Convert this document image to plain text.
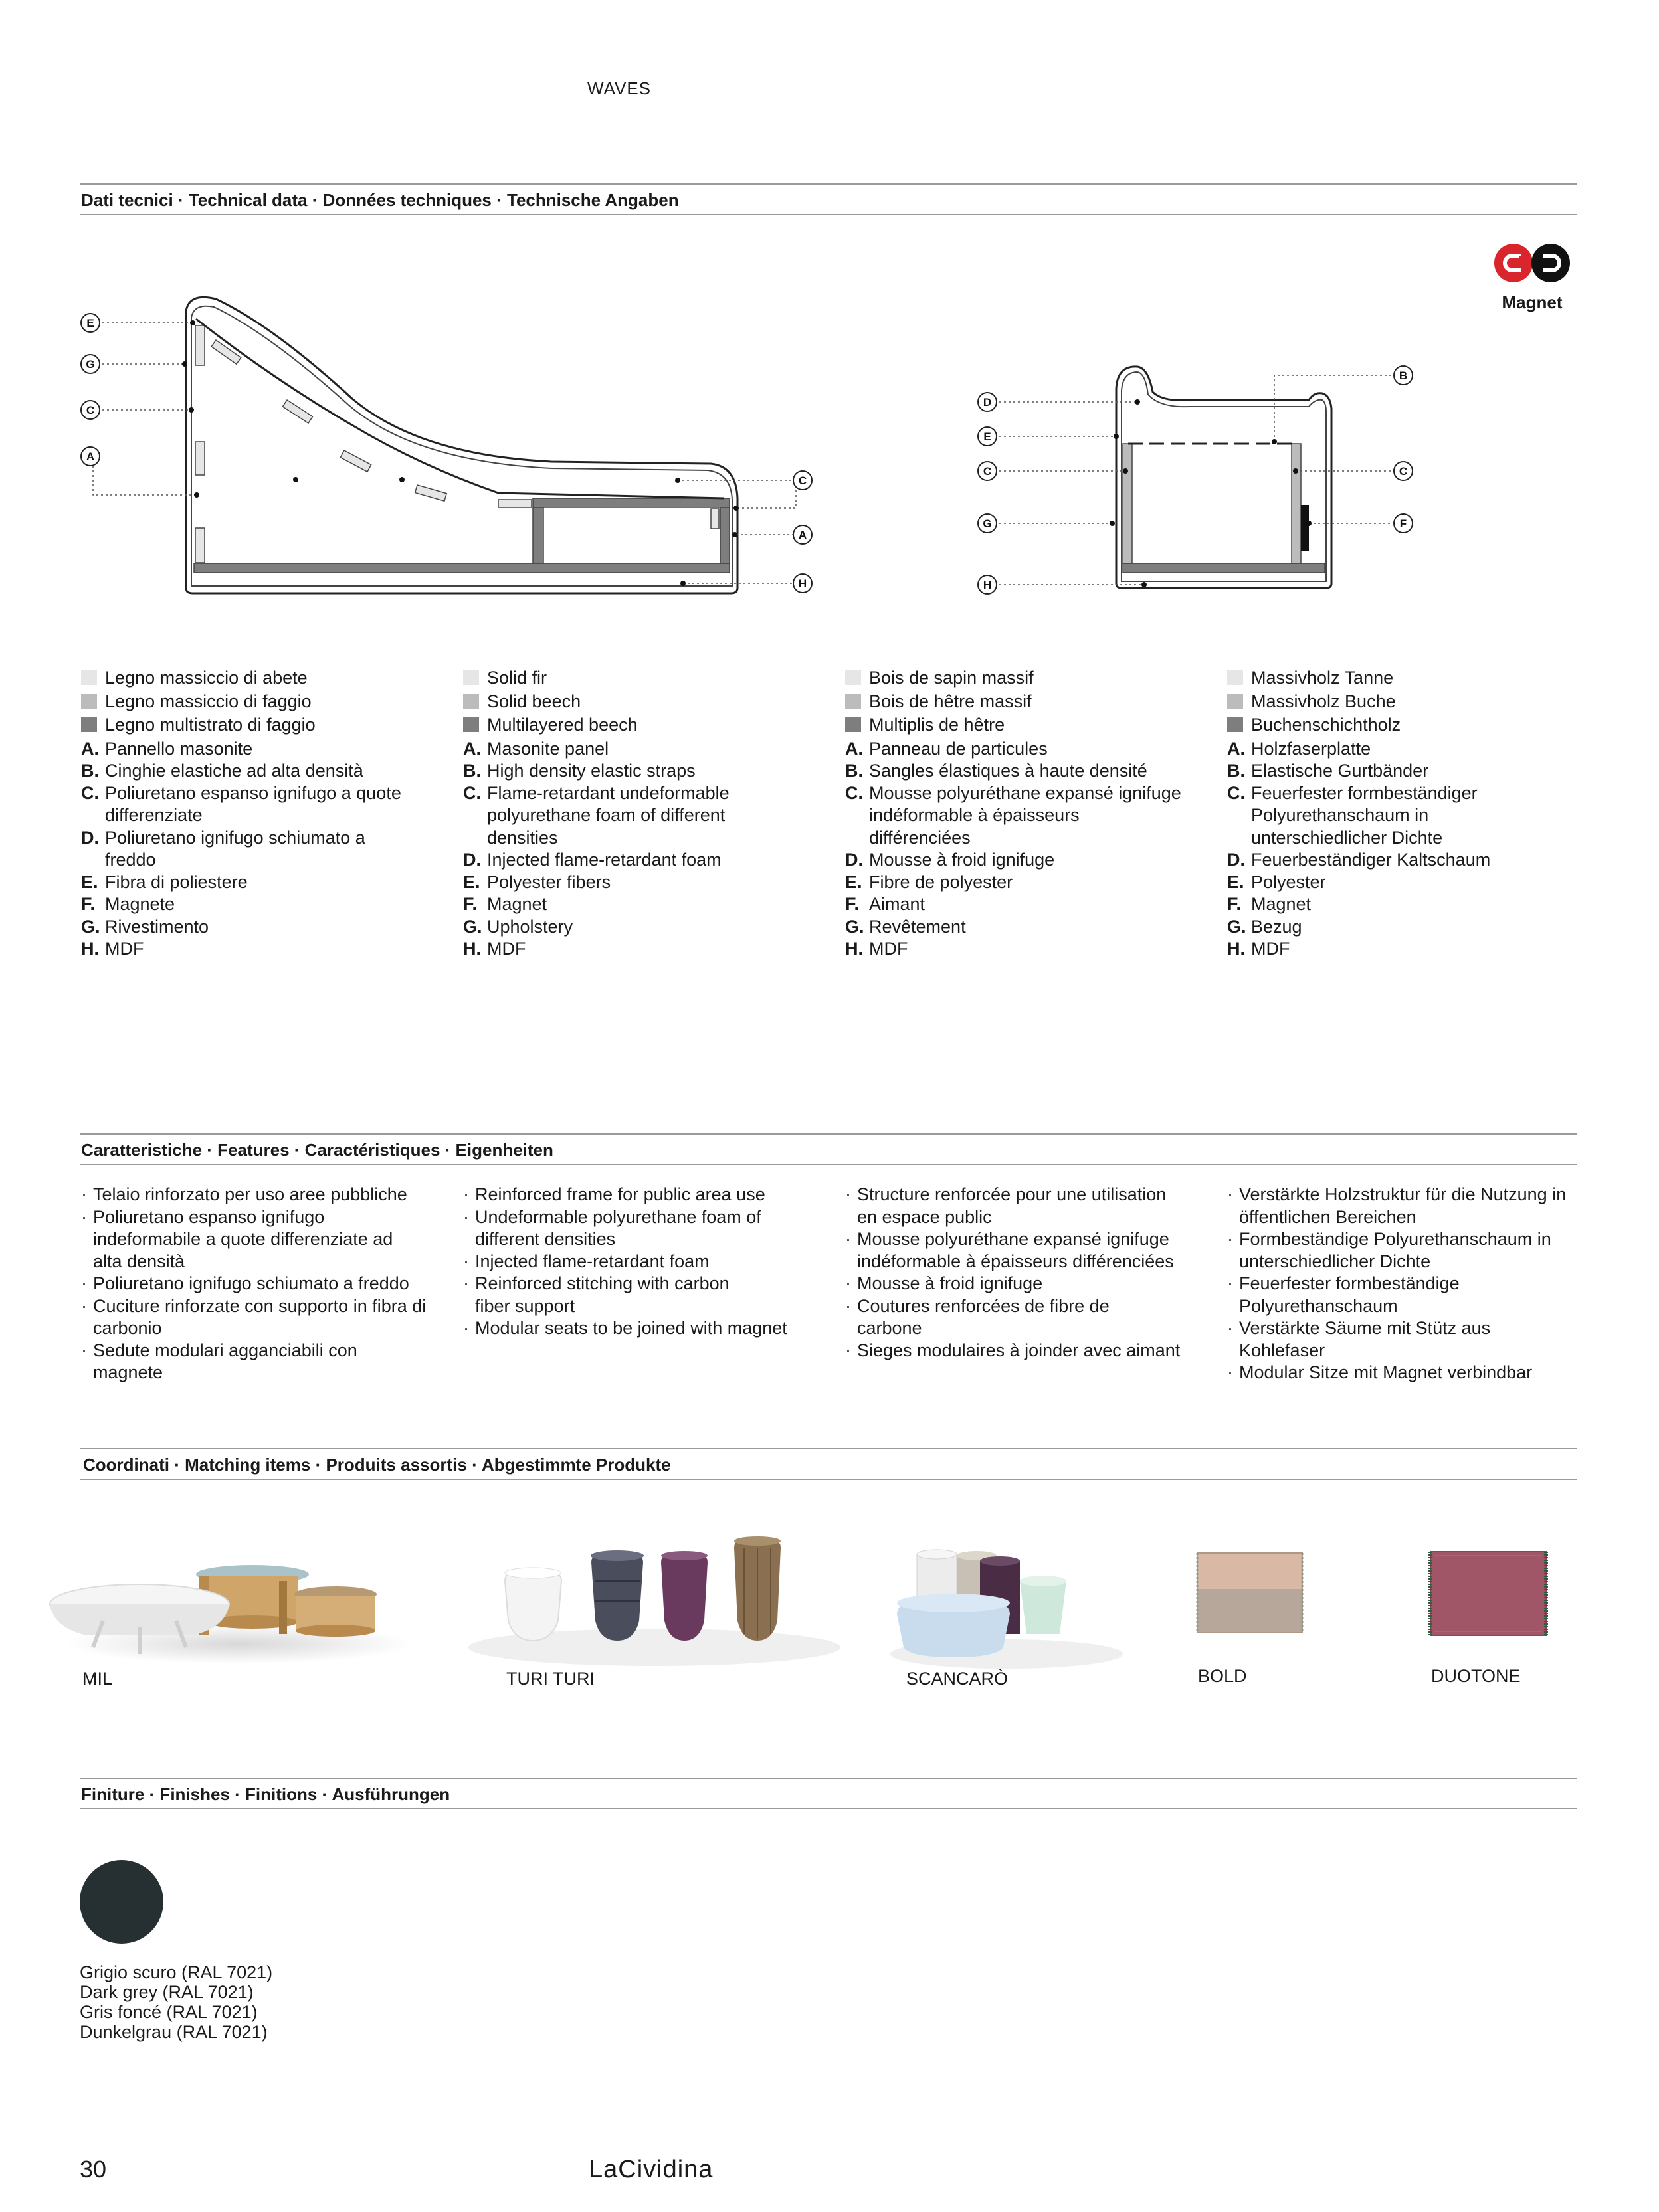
WAVES
Dati tecnici · Technical data · Données techniques · Technische Angaben
Magnet
E
G
C
A
C
A
H
D
E
C
G
H
B
C
F
Legno massiccio di abete
Legno massiccio di faggio
Legno multistrato di faggio
A. Pannello masonite
B. Cinghie elastiche ad alta densità
C. Poliuretano espanso ignifugo a quote differenziate
D. Poliuretano ignifugo schiumato a freddo
E. Fibra di poliestere
F. Magnete
G. Rivestimento
H. MDF
Solid fir
Solid beech
Multilayered beech
A. Masonite panel
B. High density elastic straps
C. Flame-retardant undeformable polyurethane foam of different densities
D. Injected flame-retardant foam
E. Polyester fibers
F. Magnet
G. Upholstery
H. MDF
Bois de sapin massif
Bois de hêtre massif
Multiplis de hêtre
A. Panneau de particules
B. Sangles élastiques à haute densité
C. Mousse polyuréthane expansé ignifuge indéformable à épaisseurs différenciées
D. Mousse à froid ignifuge
E. Fibre de polyester
F. Aimant
G. Revêtement
H. MDF
Massivholz Tanne
Massivholz Buche
Buchenschichtholz
A. Holzfaserplatte
B. Elastische Gurtbänder
C. Feuerfester formbeständiger Polyurethanschaum in unterschiedlicher Dichte
D. Feuerbeständiger Kaltschaum
E. Polyester
F. Magnet
G. Bezug
H. MDF
Caratteristiche · Features · Caractéristiques · Eigenheiten
· Telaio rinforzato per uso aree pubbliche
· Poliuretano espanso ignifugo indeformabile a quote differenziate ad alta densità
· Poliuretano ignifugo schiumato a freddo
· Cuciture rinforzate con supporto in fibra di carbonio
· Sedute modulari agganciabili con magnete
· Reinforced frame for public area use
· Undeformable polyurethane foam of different densities
· Injected flame-retardant foam
· Reinforced stitching with carbon fiber support
· Modular seats to be joined with magnet
· Structure renforcée pour une utilisation en espace public
· Mousse polyuréthane expansé ignifuge indéformable à épaisseurs différenciées
· Mousse à froid ignifuge
· Coutures renforcées de fibre de carbone
· Sieges modulaires à joinder avec aimant
· Verstärkte Holzstruktur für die Nutzung in öffentlichen Bereichen
· Formbeständige Polyurethanschaum in unterschiedlicher Dichte
· Feuerfester formbeständige Polyurethanschaum
· Verstärkte Säume mit Stütz aus Kohlefaser
· Modular Sitze mit Magnet verbindbar
Coordinati · Matching items · Produits assortis · Abgestimmte Produkte
MIL	TURI TURI	SCANCARÒ	BOLD	DUOTONE
Finiture · Finishes · Finitions · Ausführungen
Grigio scuro (RAL 7021)
Dark grey (RAL 7021)
Gris foncé (RAL 7021)
Dunkelgrau (RAL 7021)
30	LaCividina
